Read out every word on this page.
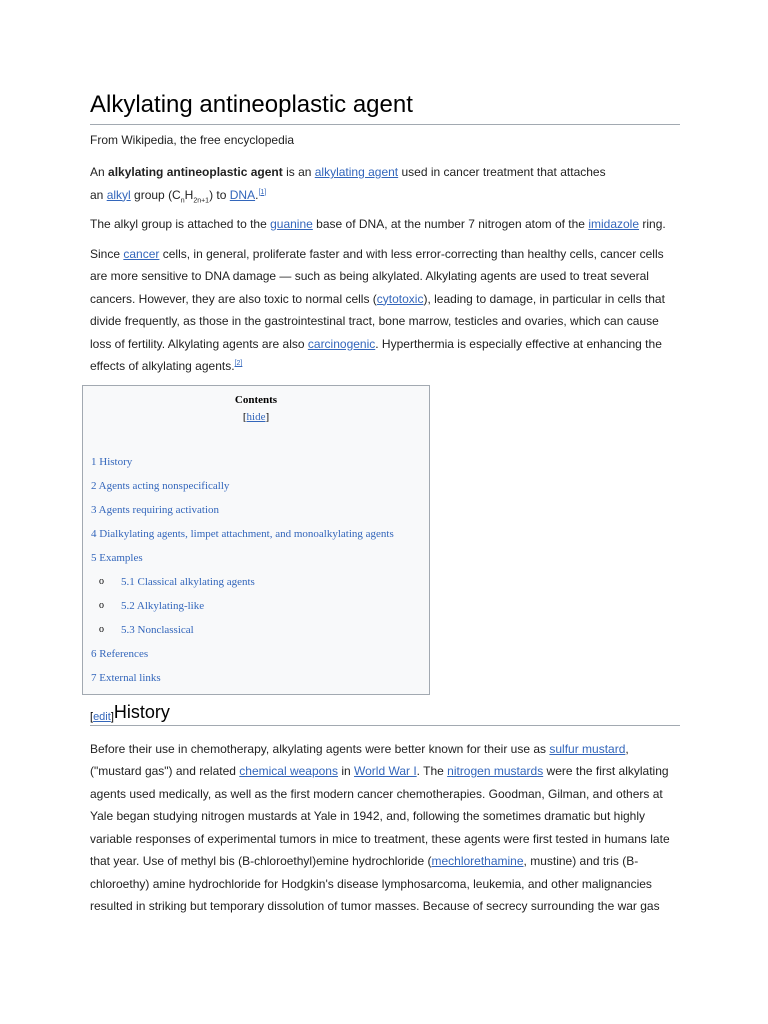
Alkylating antineoplastic agent
From Wikipedia, the free encyclopedia

An alkylating antineoplastic agent is an alkylating agent used in cancer treatment that attaches an alkyl group $(C_nH_{2n+1})$ to DNA.[1]

The alkyl group is attached to the guanine base of DNA, at the number 7 nitrogen atom of the imidazole ring.

Since cancer cells, in general, proliferate faster and with less error-correcting than healthy cells, cancer cells are more sensitive to DNA damage — such as being alkylated. Alkylating agents are used to treat several cancers. However, they are also toxic to normal cells (cytotoxic), leading to damage, in particular in cells that divide frequently, as those in the gastrointestinal tract, bone marrow, testicles and ovaries, which can cause loss of fertility. Alkylating agents are also carcinogenic. Hyperthermia is especially effective at enhancing the effects of alkylating agents.[2]

Contents
[hide]
1 History
2 Agents acting nonspecifically
3 Agents requiring activation
4 Dialkylating agents, limpet attachment, and monoalkylating agents
5 Examples
o 5.1 Classical alkylating agents
o 5.2 Alkylating-like
o 5.3 Nonclassical
6 References
7 External links
[edit] History

Before their use in chemotherapy, alkylating agents were better known for their use as sulfur mustard, ("mustard gas") and related chemical weapons in World War I. The nitrogen mustards were the first alkylating agents used medically, as well as the first modern cancer chemotherapies. Goodman, Gilman, and others at Yale began studying nitrogen mustards at Yale in 1942, and, following the sometimes dramatic but highly variable responses of experimental tumors in mice to treatment, these agents were first tested in humans late that year. Use of methyl bis (B-chloroethyl)emine hydrochloride (mechlorethamine, mustine) and tris (B-chloroethy) amine hydrochloride for Hodgkin's disease lymphosarcoma, leukemia, and other malignancies resulted in striking but temporary dissolution of tumor masses. Because of secrecy surrounding the war gas
